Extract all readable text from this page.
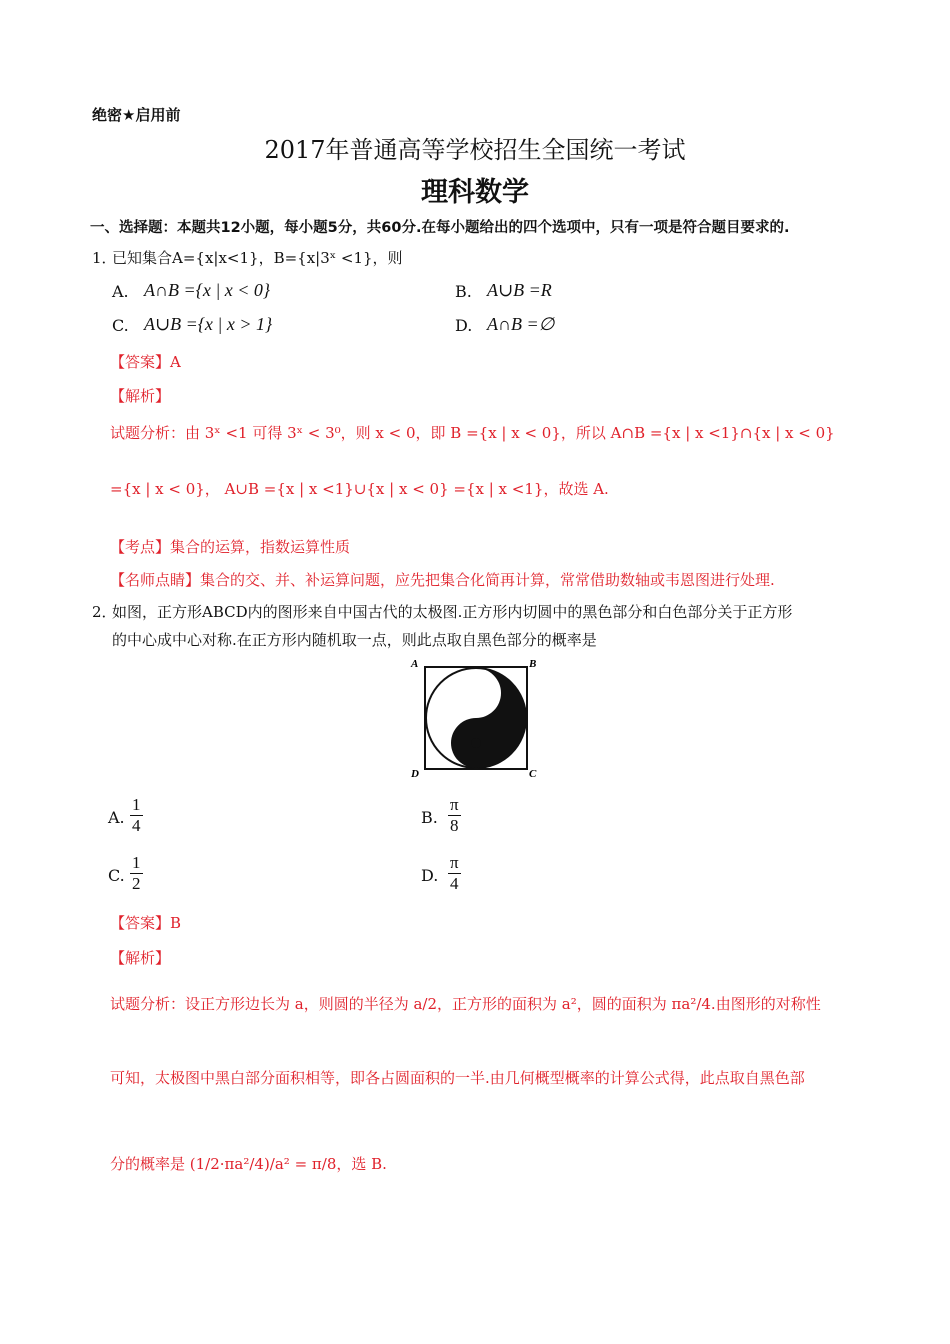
绝密★启用前
2017年普通高等学校招生全国统一考试
理科数学
一、选择题：本题共12小题，每小题5分，共60分.在每小题给出的四个选项中，只有一项是符合题目要求的.
1．
已知集合A={x|x<1}，B={x|3ˣ <1}，则
A. A∩B ={x | x < 0}	B. A∪B =R
C. A∪B ={x | x > 1}	D. A∩B =∅
【答案】A
【解析】
试题分析：由 3ˣ <1 可得 3ˣ < 3⁰，则 x < 0，即 B ={x | x < 0}，所以 A∩B ={x | x <1}∩{x | x < 0}
={x | x < 0}， A∪B ={x | x <1}∪{x | x < 0} ={x | x <1}，故选 A.
【考点】集合的运算，指数运算性质
【名师点睛】集合的交、并、补运算问题，应先把集合化简再计算，常常借助数轴或韦恩图进行处理.
2．
如图，正方形ABCD内的图形来自中国古代的太极图.正方形内切圆中的黑色部分和白色部分关于正方形
的中心成中心对称.在正方形内随机取一点，则此点取自黑色部分的概率是
A	B
D	C
A. $\frac{1}{4}$	B. $\frac{\pi}{8}$
C. $\frac{1}{2}$	D. $\frac{\pi}{4}$
【答案】B
【解析】
试题分析：设正方形边长为 a，则圆的半径为 a/2，正方形的面积为 a²，圆的面积为 πa²/4.由图形的对称性
可知，太极图中黑白部分面积相等，即各占圆面积的一半.由几何概型概率的计算公式得，此点取自黑色部
分的概率是 (1/2·πa²/4)/a² = π/8，选 B.
